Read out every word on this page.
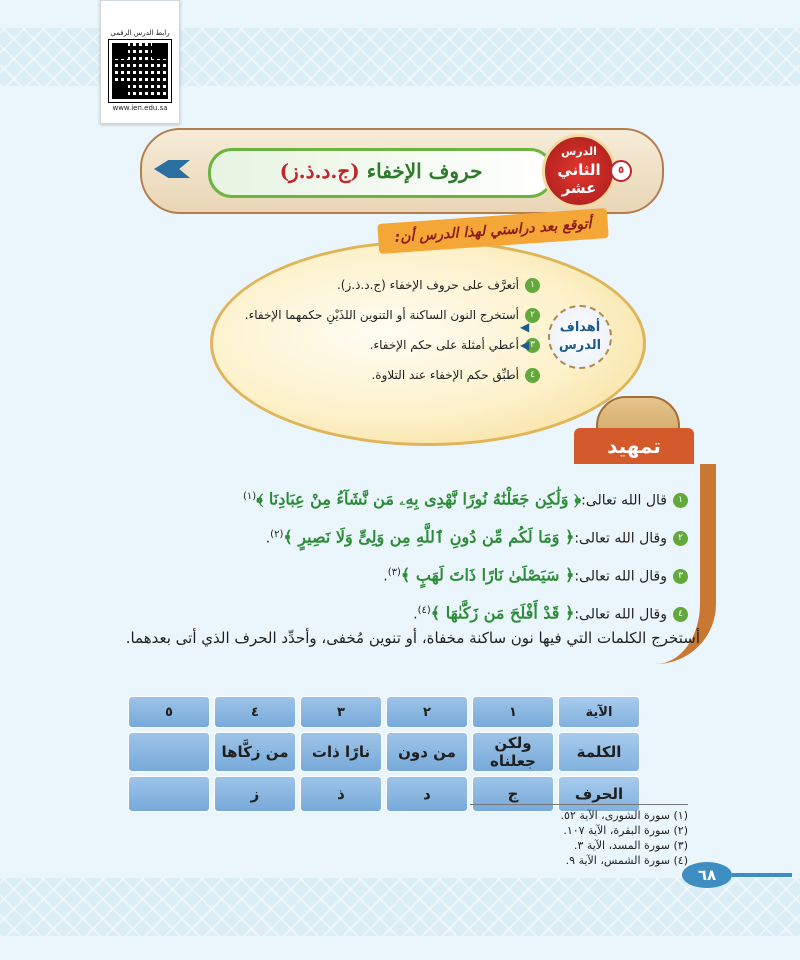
رابط الدرس الرقمي
www.ien.edu.sa
حروف الإخفاء (ج.د.ذ.ز)
الدرس
الثاني
عشر
٥
أتوقع بعد دراستي لهذا الدرس أن:
١أتعرَّف على حروف الإخفاء (ج.د.ذ.ز).
٢أستخرج النون الساكنة أو التنوين اللذَيْنِ حكمهما الإخفاء.
٣أعطي أمثلة على حكم الإخفاء.
٤أطبِّق حكم الإخفاء عند التلاوة.
◀
◀
أهداف الدرس
تمهيد
١قال الله تعالى:﴿ وَلَٰكِن جَعَلْنَٰهُ نُورًا نَّهْدِى بِهِۦ مَن نَّشَآءُ مِنْ عِبَادِنَا ﴾$^{(١)}$
٢وقال الله تعالى:﴿ وَمَا لَكُم مِّن دُونِ ٱللَّهِ مِن وَلِىٍّ وَلَا نَصِيرٍ ﴾$^{(٢)}$.
٣وقال الله تعالى:﴿ سَيَصْلَىٰ نَارًا ذَاتَ لَهَبٍ ﴾$^{(٣)}$.
٤وقال الله تعالى:﴿ قَدْ أَفْلَحَ مَن زَكَّىٰهَا ﴾$^{(٤)}$.
أستخرج الكلمات التي فيها نون ساكنة مخفاة، أو تنوين مُخفى، وأحدِّد الحرف الذي أتى بعدهما.
الآية	١	٢	٣	٤	٥
الكلمة	ولكن جعلناه	من دون	نارًا ذات	من زكَّاها	
الحرف	ج	د	ذ	ز	
(١) سورة الشورى، الآية ٥٢.
(٢) سورة البقرة، الآية ١٠٧.
(٣) سورة المسد، الآية ٣.
(٤) سورة الشمس، الآية ٩.
٦٨
